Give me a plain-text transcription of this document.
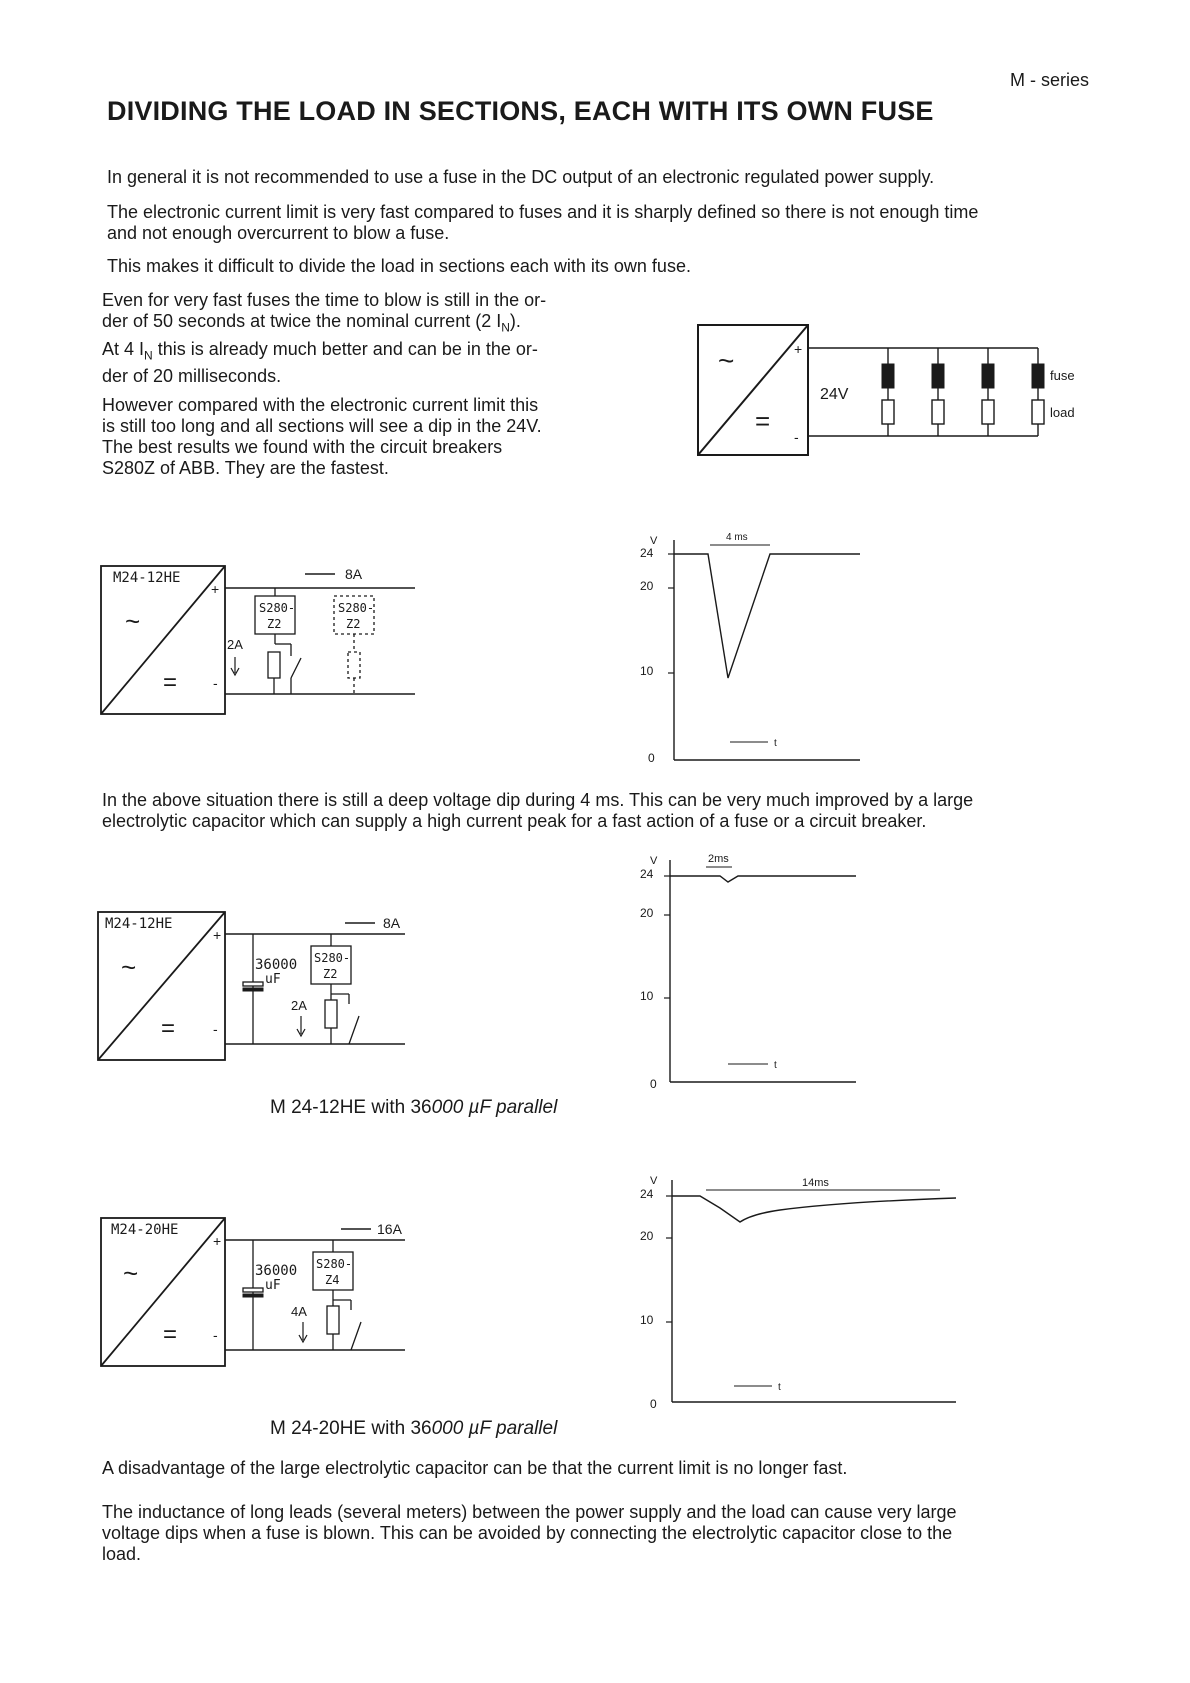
M - series
DIVIDING THE LOAD IN SECTIONS, EACH WITH ITS OWN FUSE
In general it is not recommended to use a fuse in the DC output of an electronic regulated power supply.
The electronic current limit is very fast compared to fuses and it is sharply defined so there is not enough time
and not enough overcurrent to blow a fuse.
This makes it difficult to divide the load in sections each with its own fuse.
Even for very fast fuses the time to blow is still in the or-
der of 50 seconds at twice the nominal current (2 $I_N$).
At 4 $I_N$ this is already much better and can be in the or-
der of 20 milliseconds.
However compared with the electronic current limit this
is still too long and all sections will see a dip in the 24V.
The best results we found with the circuit breakers
S280Z of ABB. They are the fastest.
~
=
+
-
24V
fuse
load
M24-12HE
~
=
+
-
8A
S280-
Z2
2A
S280-
Z2
V
24
20
10
0
4 ms
t
In the above situation there is still a deep voltage dip during 4 ms. This can be very much improved by a large
electrolytic capacitor which can supply a high current peak for a fast action of a fuse or a circuit breaker.
M24-12HE
~
=
+
-
8A
36000
uF
S280-
Z2
2A
V
24
20
10
0
2ms
t
M 24-12HE with 36000 µF parallel
M24-20HE
~
=
+
-
16A
36000
uF
S280-
Z4
4A
V
24
20
10
0
14ms
t
M 24-20HE with 36000 µF parallel
A disadvantage of the large electrolytic capacitor can be that the current limit is no longer fast.
The inductance of long leads (several meters) between the power supply and the load can cause very large
voltage dips when a fuse is blown. This can be avoided by connecting the electrolytic capacitor close to the
load.
